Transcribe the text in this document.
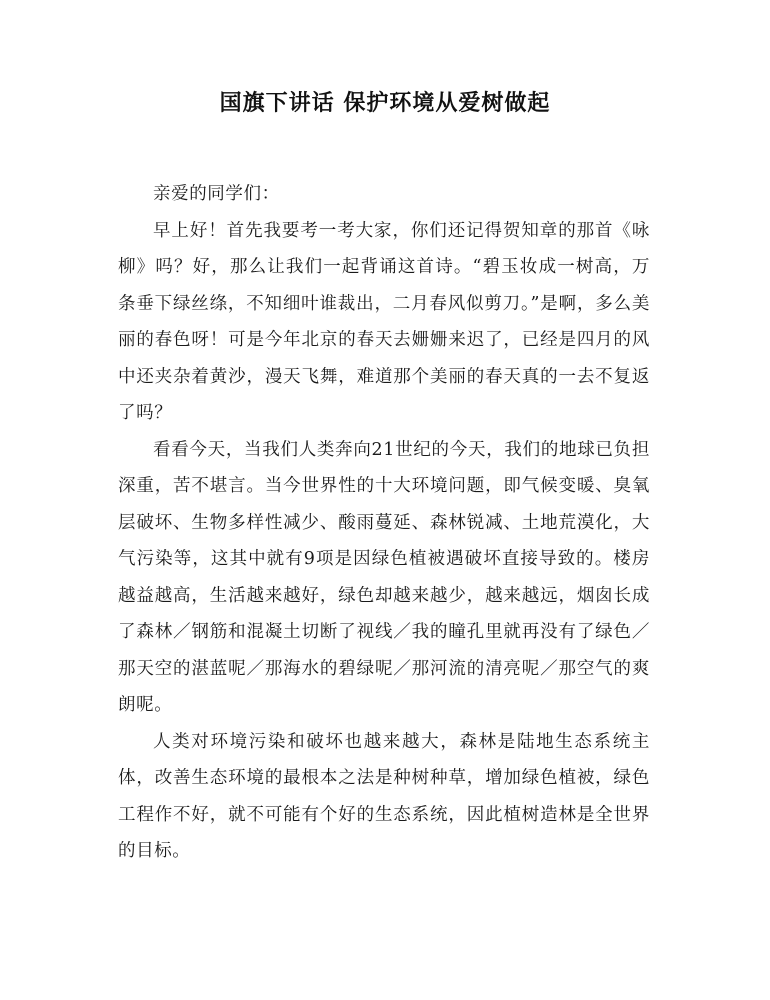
国旗下讲话 保护环境从爱树做起

亲爱的同学们：

早上好！首先我要考一考大家，你们还记得贺知章的那首《咏柳》吗？好，那么让我们一起背诵这首诗。“碧玉妆成一树高，万条垂下绿丝绦，不知细叶谁裁出，二月春风似剪刀。”是啊，多么美丽的春色呀！可是今年北京的春天去姗姗来迟了，已经是四月的风中还夹杂着黄沙，漫天飞舞，难道那个美丽的春天真的一去不复返了吗？

看看今天，当我们人类奔向21世纪的今天，我们的地球已负担深重，苦不堪言。当今世界性的十大环境问题，即气候变暖、臭氧层破坏、生物多样性减少、酸雨蔓延、森林锐减、土地荒漠化，大气污染等，这其中就有9项是因绿色植被遇破坏直接导致的。楼房越益越高，生活越来越好，绿色却越来越少，越来越远，烟囱长成了森林／钢筋和混凝土切断了视线／我的瞳孔里就再没有了绿色／那天空的湛蓝呢／那海水的碧绿呢／那河流的清亮呢／那空气的爽朗呢。

人类对环境污染和破坏也越来越大，森林是陆地生态系统主体，改善生态环境的最根本之法是种树种草，增加绿色植被，绿色工程作不好，就不可能有个好的生态系统，因此植树造林是全世界的目标。
